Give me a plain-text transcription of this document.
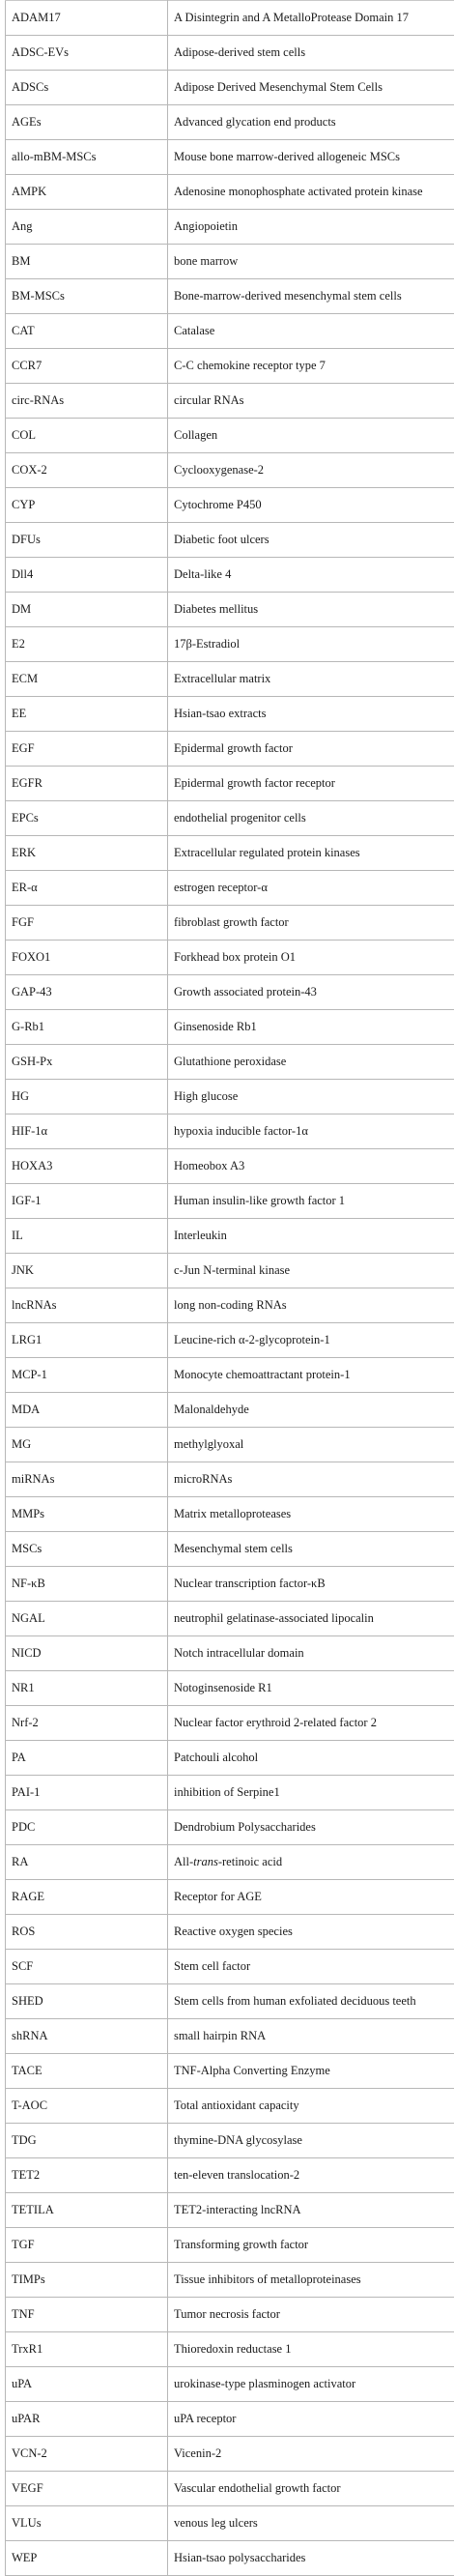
ADAM17	A Disintegrin and A MetalloProtease Domain 17
ADSC-EVs	Adipose-derived stem cells
ADSCs	Adipose Derived Mesenchymal Stem Cells
AGEs	Advanced glycation end products
allo-mBM-MSCs	Mouse bone marrow-derived allogeneic MSCs
AMPK	Adenosine monophosphate activated protein kinase
Ang	Angiopoietin
BM	bone marrow
BM-MSCs	Bone-marrow-derived mesenchymal stem cells
CAT	Catalase
CCR7	C-C chemokine receptor type 7
circ-RNAs	circular RNAs
COL	Collagen
COX-2	Cyclooxygenase-2
CYP	Cytochrome P450
DFUs	Diabetic foot ulcers
Dll4	Delta-like 4
DM	Diabetes mellitus
E2	17β-Estradiol
ECM	Extracellular matrix
EE	Hsian-tsao extracts
EGF	Epidermal growth factor
EGFR	Epidermal growth factor receptor
EPCs	endothelial progenitor cells
ERK	Extracellular regulated protein kinases
ER-α	estrogen receptor-α
FGF	fibroblast growth factor
FOXO1	Forkhead box protein O1
GAP-43	Growth associated protein-43
G-Rb1	Ginsenoside Rb1
GSH-Px	Glutathione peroxidase
HG	High glucose
HIF-1α	hypoxia inducible factor-1α
HOXA3	Homeobox A3
IGF-1	Human insulin-like growth factor 1
IL	Interleukin
JNK	c-Jun N-terminal kinase
lncRNAs	long non-coding RNAs
LRG1	Leucine-rich α-2-glycoprotein-1
MCP-1	Monocyte chemoattractant protein-1
MDA	Malonaldehyde
MG	methylglyoxal
miRNAs	microRNAs
MMPs	Matrix metalloproteases
MSCs	Mesenchymal stem cells
NF-κB	Nuclear transcription factor-κB
NGAL	neutrophil gelatinase-associated lipocalin
NICD	Notch intracellular domain
NR1	Notoginsenoside R1
Nrf-2	Nuclear factor erythroid 2-related factor 2
PA	Patchouli alcohol
PAI-1	inhibition of Serpine1
PDC	Dendrobium Polysaccharides
RA	All-trans-retinoic acid
RAGE	Receptor for AGE
ROS	Reactive oxygen species
SCF	Stem cell factor
SHED	Stem cells from human exfoliated deciduous teeth
shRNA	small hairpin RNA
TACE	TNF-Alpha Converting Enzyme
T-AOC	Total antioxidant capacity
TDG	thymine-DNA glycosylase
TET2	ten-eleven translocation-2
TETILA	TET2-interacting lncRNA
TGF	Transforming growth factor
TIMPs	Tissue inhibitors of metalloproteinases
TNF	Tumor necrosis factor
TrxR1	Thioredoxin reductase 1
uPA	urokinase-type plasminogen activator
uPAR	uPA receptor
VCN-2	Vicenin-2
VEGF	Vascular endothelial growth factor
VLUs	venous leg ulcers
WEP	Hsian-tsao polysaccharides
